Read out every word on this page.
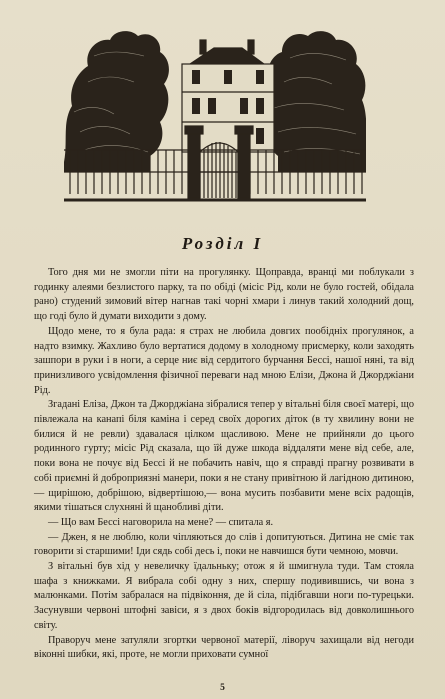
Розділ I

Того дня ми не змогли піти на прогулянку. Щоправда, вранці ми поблукали з годинку алеями безлистого парку, та по обіді (місіс Рід, коли не було гостей, обідала рано) студений зимовий вітер нагнав такі чорні хмари і линув такий холодний дощ, що годі було й думати виходити з дому.

Щодо мене, то я була рада: я страх не любила довгих пообідніх прогулянок, а надто взимку. Жахливо було вертатися додому в холодному присмерку, коли заходять зашпори в руки і в ноги, а серце ниє від сердитого бурчання Бессі, нашої няні, та від принизливого усвідомлення фізичної переваги над мною Елізи, Джона й Джорджіани Рід.

Згадані Еліза, Джон та Джорджіана зібралися тепер у вітальні біля своєї матері, що півлежала на канапі біля каміна і серед своїх дорогих діток (в ту хвилину вони не билися й не ревли) здавалася цілком щасливою. Мене не прийняли до цього родинного гурту; місіс Рід сказала, що їй дуже шкода віддаляти мене від себе, але, поки вона не почує від Бессі й не побачить навіч, що я справді прагну розвивати в собі приємні й доброприязні манери, поки я не стану привітною й лагідною дитиною,— щирішою, добрішою, відвертішою,— вона мусить позбавити мене всіх радощів, якими тішаться слухняні й щанобливі діти.

— Що вам Бессі наговорила на мене? — спитала я.

— Джен, я не люблю, коли чіпляються до слів і допитуються. Дитина не сміє так говорити зі старшими! Іди сядь собі десь і, поки не навчишся бути чемною, мовчи.

З вітальні був хід у невеличку їдальньку; отож я й шмигнула туди. Там стояла шафа з книжками. Я вибрала собі одну з них, спершу подивившись, чи вона з малюнками. Потім забралася на підвіконня, де й сіла, підібгавши ноги по-турецьки. Засунувши червоні штофні завіси, я з двох боків відгородилась від довколишнього світу.

Праворуч мене затуляли згортки червоної матерії, ліворуч захищали від негоди віконні шибки, які, проте, не могли приховати сумної

5
